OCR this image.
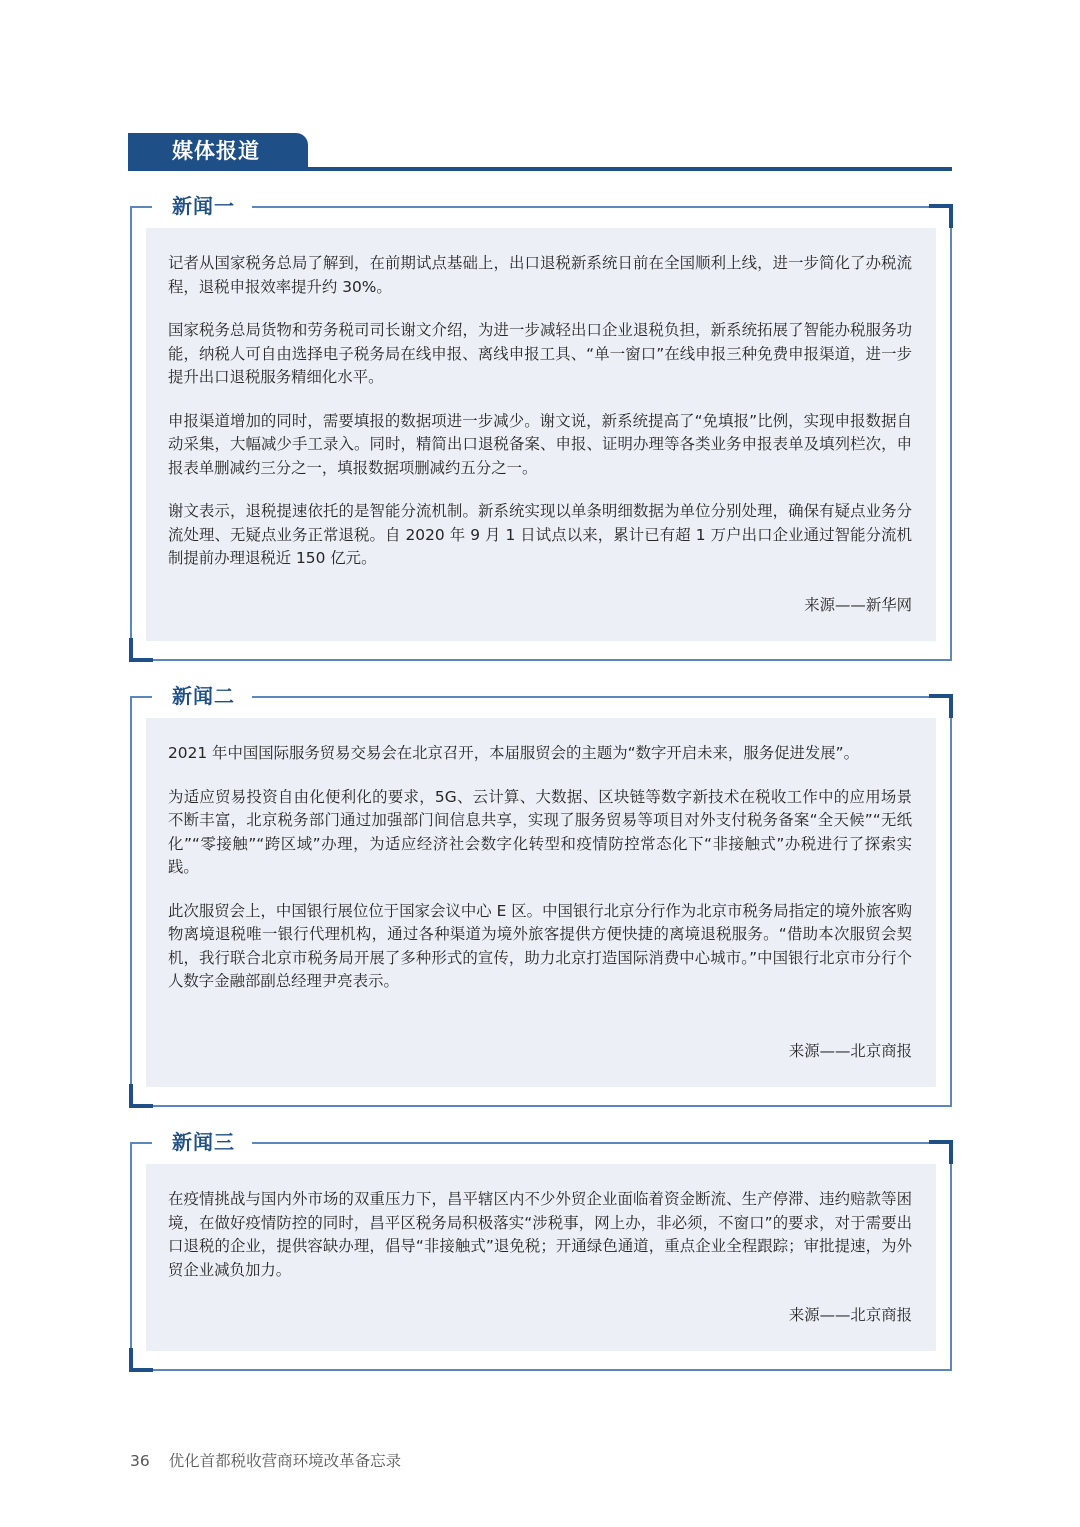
媒体报道
新闻一

记者从国家税务总局了解到，在前期试点基础上，出口退税新系统日前在全国顺利上线，进一步简化了办税流程，退税申报效率提升约 30%。

国家税务总局货物和劳务税司司长谢文介绍，为进一步减轻出口企业退税负担，新系统拓展了智能办税服务功能，纳税人可自由选择电子税务局在线申报、离线申报工具、“单一窗口”在线申报三种免费申报渠道，进一步提升出口退税服务精细化水平。

申报渠道增加的同时，需要填报的数据项进一步减少。谢文说，新系统提高了“免填报”比例，实现申报数据自动采集，大幅减少手工录入。同时，精简出口退税备案、申报、证明办理等各类业务申报表单及填列栏次，申报表单删减约三分之一，填报数据项删减约五分之一。

谢文表示，退税提速依托的是智能分流机制。新系统实现以单条明细数据为单位分别处理，确保有疑点业务分流处理、无疑点业务正常退税。自 2020 年 9 月 1 日试点以来，累计已有超 1 万户出口企业通过智能分流机制提前办理退税近 150 亿元。

来源——新华网
新闻二

2021 年中国国际服务贸易交易会在北京召开，本届服贸会的主题为“数字开启未来，服务促进发展”。

为适应贸易投资自由化便利化的要求，5G、云计算、大数据、区块链等数字新技术在税收工作中的应用场景不断丰富，北京税务部门通过加强部门间信息共享，实现了服务贸易等项目对外支付税务备案“全天候”“无纸化”“零接触”“跨区域”办理，为适应经济社会数字化转型和疫情防控常态化下“非接触式”办税进行了探索实践。

此次服贸会上，中国银行展位位于国家会议中心 E 区。中国银行北京分行作为北京市税务局指定的境外旅客购物离境退税唯一银行代理机构，通过各种渠道为境外旅客提供方便快捷的离境退税服务。“借助本次服贸会契机，我行联合北京市税务局开展了多种形式的宣传，助力北京打造国际消费中心城市。”中国银行北京市分行个人数字金融部副总经理尹亮表示。

来源——北京商报
新闻三

在疫情挑战与国内外市场的双重压力下，昌平辖区内不少外贸企业面临着资金断流、生产停滞、违约赔款等困境，在做好疫情防控的同时，昌平区税务局积极落实“涉税事，网上办，非必须，不窗口”的要求，对于需要出口退税的企业，提供容缺办理，倡导“非接触式”退免税；开通绿色通道，重点企业全程跟踪；审批提速，为外贸企业减负加力。

来源——北京商报
36 优化首都税收营商环境改革备忘录
